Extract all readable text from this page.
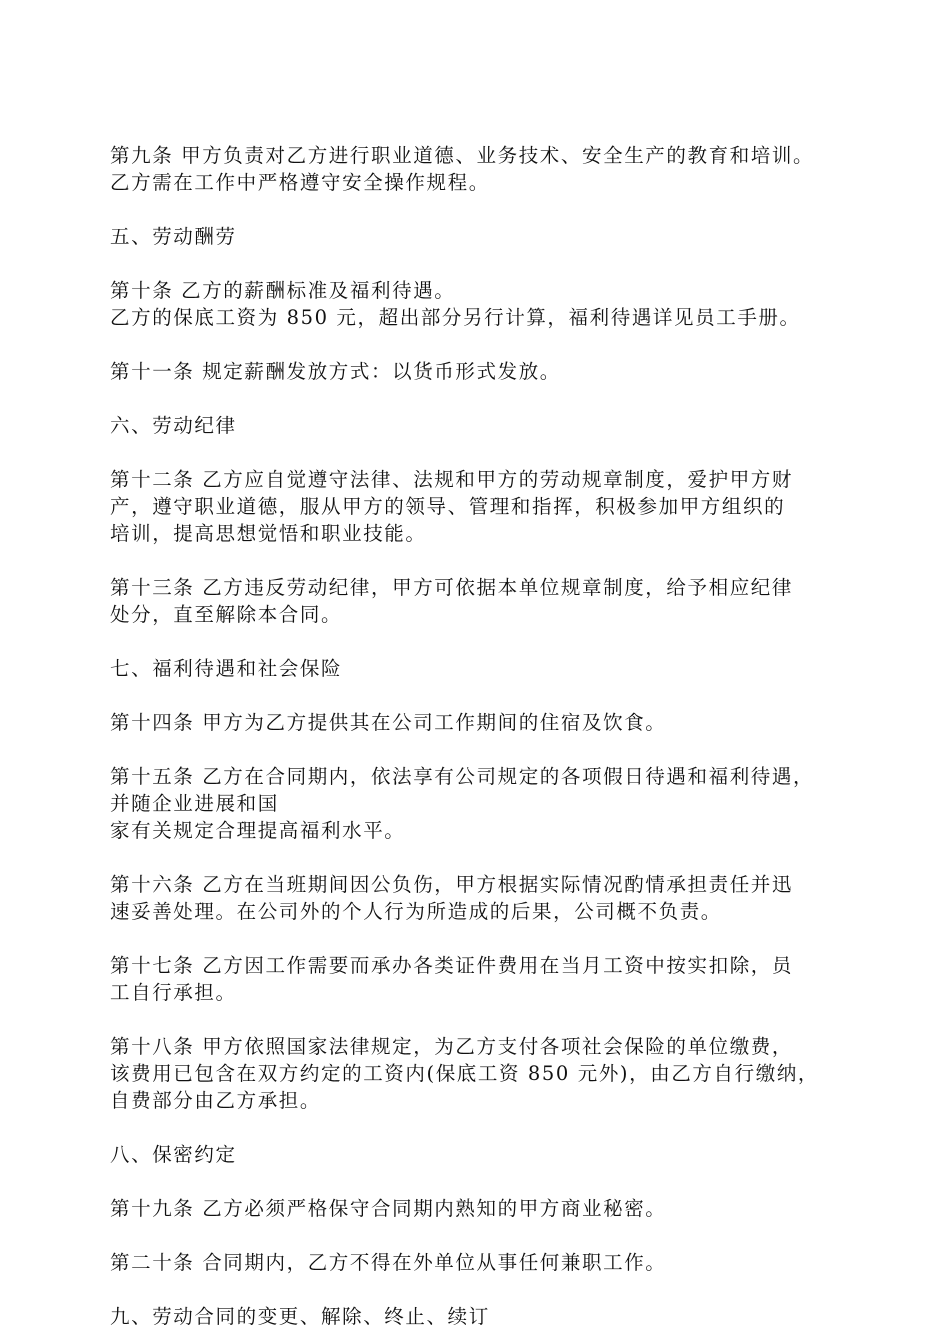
第九条 甲方负责对乙方进行职业道德、业务技术、安全生产的教育和培训。
乙方需在工作中严格遵守安全操作规程。
五、劳动酬劳
第十条 乙方的薪酬标准及福利待遇。
乙方的保底工资为 850 元，超出部分另行计算，福利待遇详见员工手册。
第十一条 规定薪酬发放方式：以货币形式发放。
六、劳动纪律
第十二条 乙方应自觉遵守法律、法规和甲方的劳动规章制度，爱护甲方财
产，遵守职业道德，服从甲方的领导、管理和指挥，积极参加甲方组织的
培训，提高思想觉悟和职业技能。
第十三条 乙方违反劳动纪律，甲方可依据本单位规章制度，给予相应纪律
处分，直至解除本合同。
七、福利待遇和社会保险
第十四条 甲方为乙方提供其在公司工作期间的住宿及饮食。
第十五条 乙方在合同期内，依法享有公司规定的各项假日待遇和福利待遇，
并随企业进展和国
家有关规定合理提高福利水平。
第十六条 乙方在当班期间因公负伤，甲方根据实际情况酌情承担责任并迅
速妥善处理。在公司外的个人行为所造成的后果，公司概不负责。
第十七条 乙方因工作需要而承办各类证件费用在当月工资中按实扣除，员
工自行承担。
第十八条 甲方依照国家法律规定，为乙方支付各项社会保险的单位缴费，
该费用已包含在双方约定的工资内(保底工资 850 元外)，由乙方自行缴纳，
自费部分由乙方承担。
八、保密约定
第十九条 乙方必须严格保守合同期内熟知的甲方商业秘密。
第二十条 合同期内，乙方不得在外单位从事任何兼职工作。
九、劳动合同的变更、解除、终止、续订
